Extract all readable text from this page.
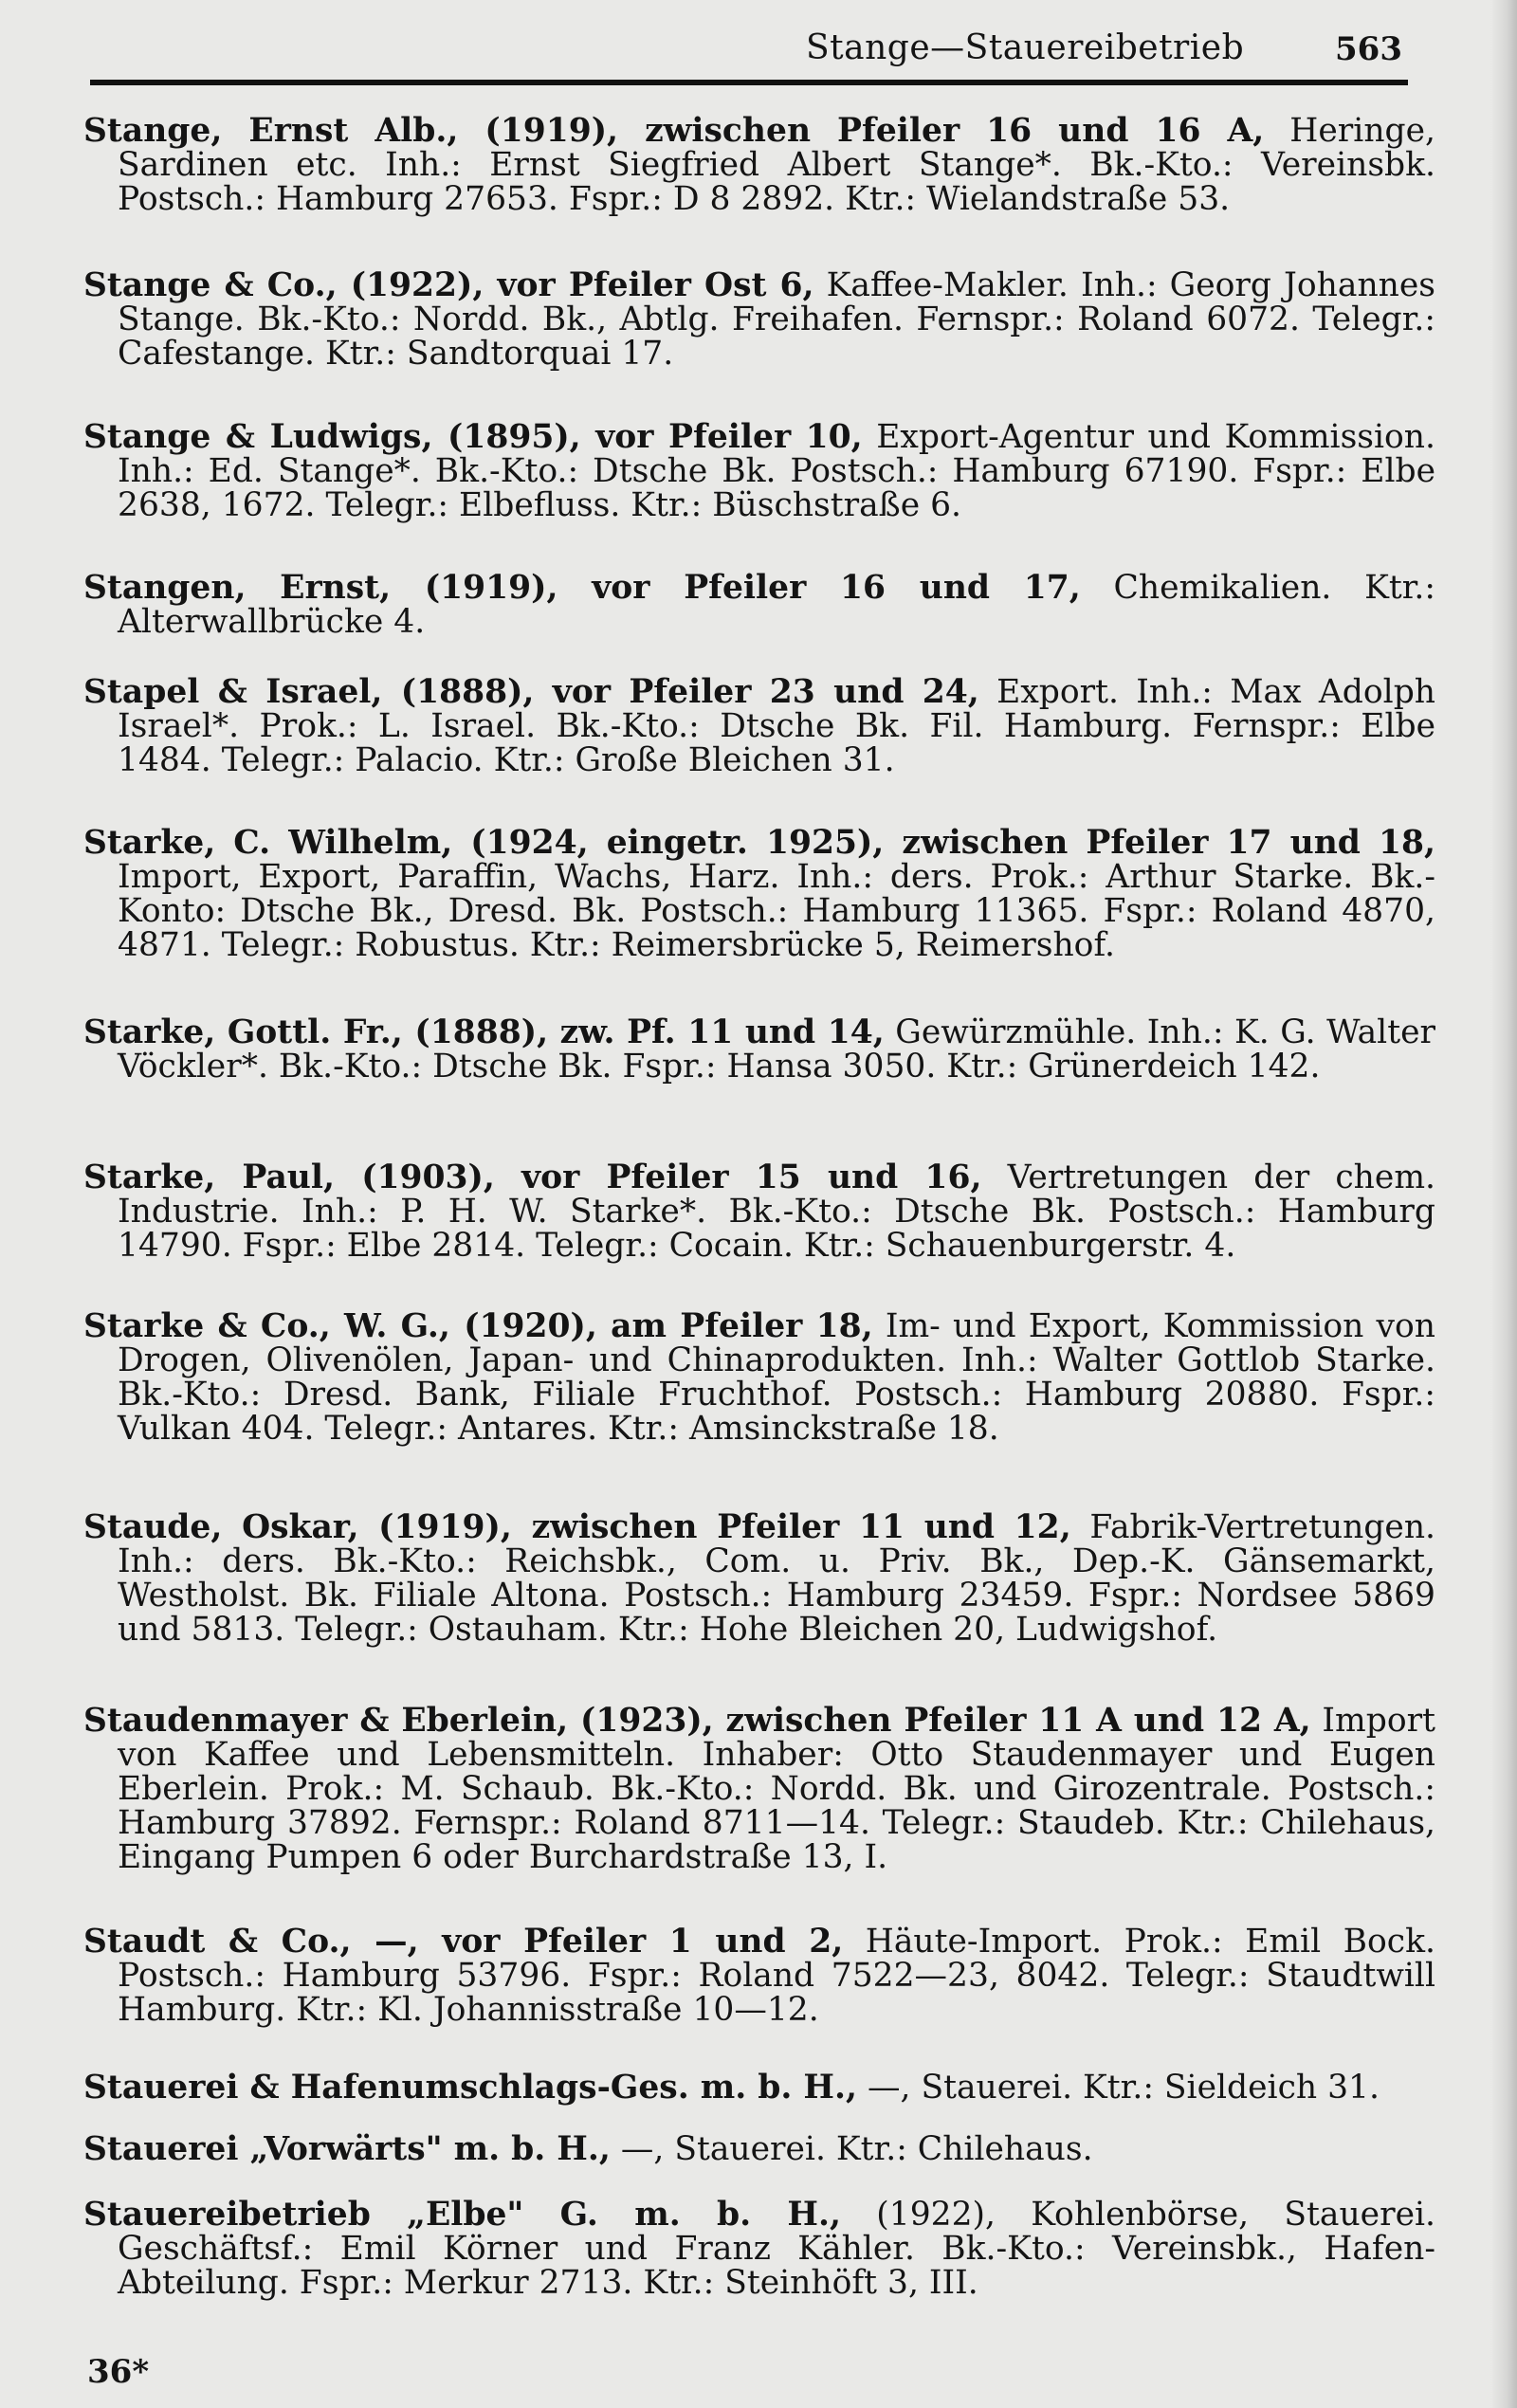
Stange—Stauereibetrieb	563
Stange, Ernst Alb., (1919), zwischen Pfeiler 16 und 16 A, Heringe, Sardinen etc. Inh.: Ernst Siegfried Albert Stange*. Bk.-Kto.: Vereinsbk. Postsch.: Hamburg 27653. Fspr.: D 8 2892. Ktr.: Wielandstraße 53.
Stange & Co., (1922), vor Pfeiler Ost 6, Kaffee-Makler. Inh.: Georg Johannes Stange. Bk.-Kto.: Nordd. Bk., Abtlg. Freihafen. Fernspr.: Roland 6072. Telegr.: Cafestange. Ktr.: Sandtorquai 17.
Stange & Ludwigs, (1895), vor Pfeiler 10, Export-Agentur und Kommission. Inh.: Ed. Stange*. Bk.-Kto.: Dtsche Bk. Postsch.: Hamburg 67190. Fspr.: Elbe 2638, 1672. Telegr.: Elbefluss. Ktr.: Büschstraße 6.
Stangen, Ernst, (1919), vor Pfeiler 16 und 17, Chemikalien. Ktr.: Alterwallbrücke 4.
Stapel & Israel, (1888), vor Pfeiler 23 und 24, Export. Inh.: Max Adolph Israel*. Prok.: L. Israel. Bk.-Kto.: Dtsche Bk. Fil. Hamburg. Fernspr.: Elbe 1484. Telegr.: Palacio. Ktr.: Große Bleichen 31.
Starke, C. Wilhelm, (1924, eingetr. 1925), zwischen Pfeiler 17 und 18, Import, Export, Paraffin, Wachs, Harz. Inh.: ders. Prok.: Arthur Starke. Bk.-Konto: Dtsche Bk., Dresd. Bk. Postsch.: Hamburg 11365. Fspr.: Roland 4870, 4871. Telegr.: Robustus. Ktr.: Reimersbrücke 5, Reimershof.
Starke, Gottl. Fr., (1888), zw. Pf. 11 und 14, Gewürzmühle. Inh.: K. G. Walter Vöckler*. Bk.-Kto.: Dtsche Bk. Fspr.: Hansa 3050. Ktr.: Grünerdeich 142.
Starke, Paul, (1903), vor Pfeiler 15 und 16, Vertretungen der chem. Industrie. Inh.: P. H. W. Starke*. Bk.-Kto.: Dtsche Bk. Postsch.: Hamburg 14790. Fspr.: Elbe 2814. Telegr.: Cocain. Ktr.: Schauenburgerstr. 4.
Starke & Co., W. G., (1920), am Pfeiler 18, Im- und Export, Kommission von Drogen, Olivenölen, Japan- und Chinaprodukten. Inh.: Walter Gottlob Starke. Bk.-Kto.: Dresd. Bank, Filiale Fruchthof. Postsch.: Hamburg 20880. Fspr.: Vulkan 404. Telegr.: Antares. Ktr.: Amsinckstraße 18.
Staude, Oskar, (1919), zwischen Pfeiler 11 und 12, Fabrik-Vertretungen. Inh.: ders. Bk.-Kto.: Reichsbk., Com. u. Priv. Bk., Dep.-K. Gänsemarkt, Westholst. Bk. Filiale Altona. Postsch.: Hamburg 23459. Fspr.: Nordsee 5869 und 5813. Telegr.: Ostauham. Ktr.: Hohe Bleichen 20, Ludwigshof.
Staudenmayer & Eberlein, (1923), zwischen Pfeiler 11 A und 12 A, Import von Kaffee und Lebensmitteln. Inhaber: Otto Staudenmayer und Eugen Eberlein. Prok.: M. Schaub. Bk.-Kto.: Nordd. Bk. und Girozentrale. Postsch.: Hamburg 37892. Fernspr.: Roland 8711—14. Telegr.: Staudeb. Ktr.: Chilehaus, Eingang Pumpen 6 oder Burchardstraße 13, I.
Staudt & Co., —, vor Pfeiler 1 und 2, Häute-Import. Prok.: Emil Bock. Postsch.: Hamburg 53796. Fspr.: Roland 7522—23, 8042. Telegr.: Staudtwill Hamburg. Ktr.: Kl. Johannisstraße 10—12.
Stauerei & Hafenumschlags-Ges. m. b. H., —, Stauerei. Ktr.: Sieldeich 31.
Stauerei „Vorwärts" m. b. H., —, Stauerei. Ktr.: Chilehaus.
Stauereibetrieb „Elbe" G. m. b. H., (1922), Kohlenbörse, Stauerei. Geschäftsf.: Emil Körner und Franz Kähler. Bk.-Kto.: Vereinsbk., Hafen-Abteilung. Fspr.: Merkur 2713. Ktr.: Steinhöft 3, III.
36*
